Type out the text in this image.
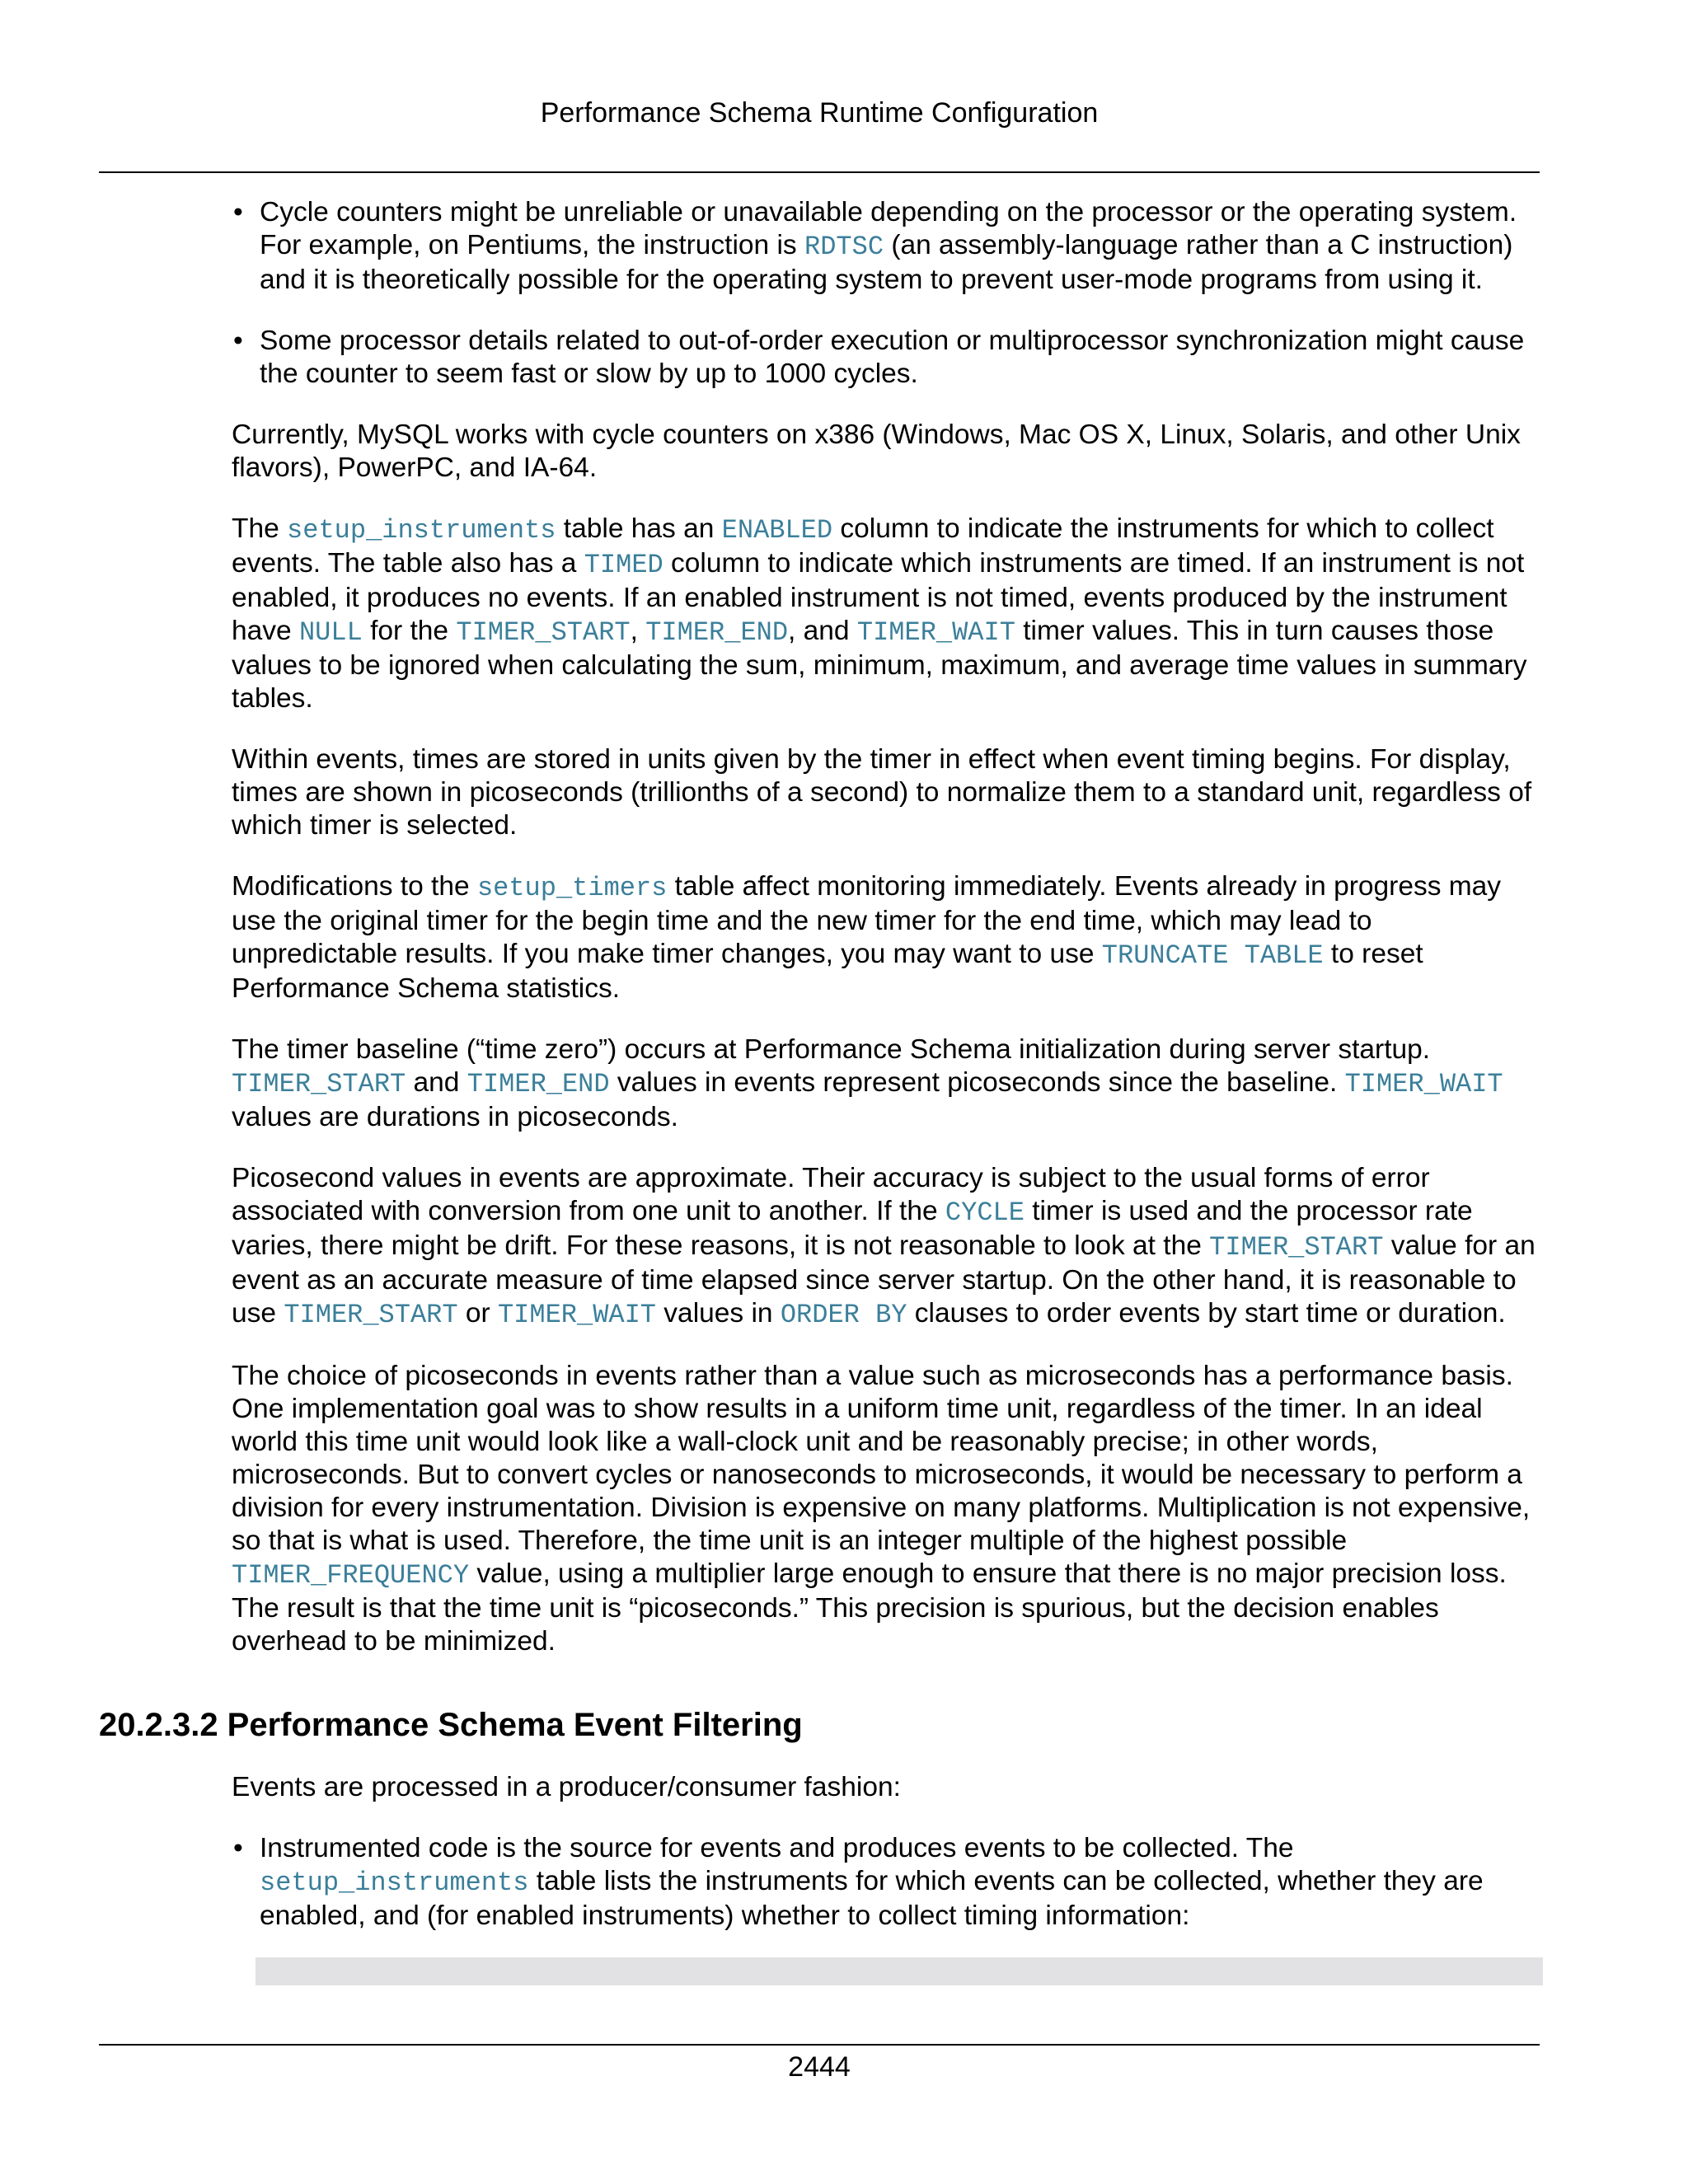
Performance Schema Runtime Configuration
• Cycle counters might be unreliable or unavailable depending on the processor or the operating system. For example, on Pentiums, the instruction is RDTSC (an assembly-language rather than a C instruction) and it is theoretically possible for the operating system to prevent user-mode programs from using it.
• Some processor details related to out-of-order execution or multiprocessor synchronization might cause the counter to seem fast or slow by up to 1000 cycles.

Currently, MySQL works with cycle counters on x386 (Windows, Mac OS X, Linux, Solaris, and other Unix flavors), PowerPC, and IA-64.

The setup_instruments table has an ENABLED column to indicate the instruments for which to collect events. The table also has a TIMED column to indicate which instruments are timed. If an instrument is not enabled, it produces no events. If an enabled instrument is not timed, events produced by the instrument have NULL for the TIMER_START, TIMER_END, and TIMER_WAIT timer values. This in turn causes those values to be ignored when calculating the sum, minimum, maximum, and average time values in summary tables.

Within events, times are stored in units given by the timer in effect when event timing begins. For display, times are shown in picoseconds (trillionths of a second) to normalize them to a standard unit, regardless of which timer is selected.

Modifications to the setup_timers table affect monitoring immediately. Events already in progress may use the original timer for the begin time and the new timer for the end time, which may lead to unpredictable results. If you make timer changes, you may want to use TRUNCATE TABLE to reset Performance Schema statistics.

The timer baseline (“time zero”) occurs at Performance Schema initialization during server startup. TIMER_START and TIMER_END values in events represent picoseconds since the baseline. TIMER_WAIT values are durations in picoseconds.

Picosecond values in events are approximate. Their accuracy is subject to the usual forms of error associated with conversion from one unit to another. If the CYCLE timer is used and the processor rate varies, there might be drift. For these reasons, it is not reasonable to look at the TIMER_START value for an event as an accurate measure of time elapsed since server startup. On the other hand, it is reasonable to use TIMER_START or TIMER_WAIT values in ORDER BY clauses to order events by start time or duration.

The choice of picoseconds in events rather than a value such as microseconds has a performance basis. One implementation goal was to show results in a uniform time unit, regardless of the timer. In an ideal world this time unit would look like a wall-clock unit and be reasonably precise; in other words, microseconds. But to convert cycles or nanoseconds to microseconds, it would be necessary to perform a division for every instrumentation. Division is expensive on many platforms. Multiplication is not expensive, so that is what is used. Therefore, the time unit is an integer multiple of the highest possible TIMER_FREQUENCY value, using a multiplier large enough to ensure that there is no major precision loss. The result is that the time unit is “picoseconds.” This precision is spurious, but the decision enables overhead to be minimized.

20.2.3.2 Performance Schema Event Filtering

Events are processed in a producer/consumer fashion:

• Instrumented code is the source for events and produces events to be collected. The setup_instruments table lists the instruments for which events can be collected, whether they are enabled, and (for enabled instruments) whether to collect timing information:
2444
